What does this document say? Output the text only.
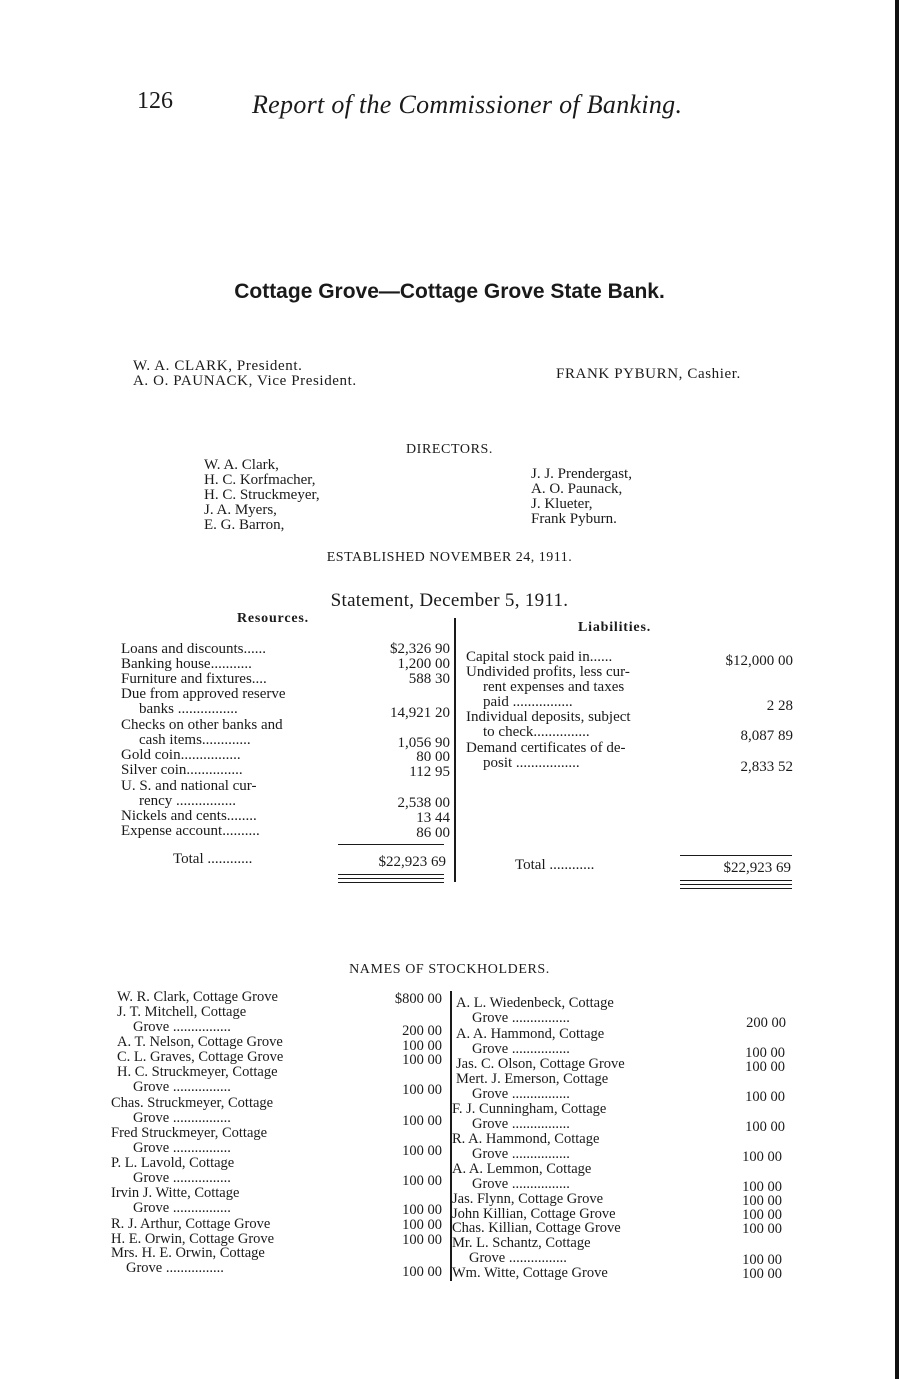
126	Report of the Commissioner of Banking.
Cottage Grove—Cottage Grove State Bank.
W. A. CLARK, President.
A. O. PAUNACK, Vice President.	FRANK PYBURN, Cashier.
DIRECTORS.
W. A. Clark,
H. C. Korfmacher,
H. C. Struckmeyer,
J. A. Myers,
E. G. Barron,
J. J. Prendergast,
A. O. Paunack,
J. Klueter,
Frank Pyburn.
ESTABLISHED NOVEMBER 24, 1911.
Statement, December 5, 1911.
Resources.
Liabilities.
Loans and discounts......	$2,326 90
Banking house...........	1,200 00
Furniture and fixtures....	588 30
Due from approved reserve
banks ................	14,921 20
Checks on other banks and
cash items.............	1,056 90
Gold coin................	80 00
Silver coin...............	112 95
U. S. and national cur-
rency ................	2,538 00
Nickels and cents........	13 44
Expense account..........	86 00
Total ............	$22,923 69
Capital stock paid in......	$12,000 00
Undivided profits, less cur-
rent expenses and taxes
paid ................	2 28
Individual deposits, subject
to check...............	8,087 89
Demand certificates of de-
posit .................	2,833 52
Total ............	$22,923 69
NAMES OF STOCKHOLDERS.
W. R. Clark, Cottage Grove	$800 00
J. T. Mitchell, Cottage
Grove ................	200 00
A. T. Nelson, Cottage Grove	100 00
C. L. Graves, Cottage Grove	100 00
H. C. Struckmeyer, Cottage
Grove ................	100 00
Chas. Struckmeyer, Cottage
Grove ................	100 00
Fred Struckmeyer, Cottage
Grove ................	100 00
P. L. Lavold, Cottage
Grove ................	100 00
Irvin J. Witte, Cottage
Grove ................	100 00
R. J. Arthur, Cottage Grove	100 00
H. E. Orwin, Cottage Grove	100 00
Mrs. H. E. Orwin, Cottage
Grove ................	100 00
A. L. Wiedenbeck, Cottage
Grove ................	200 00
A. A. Hammond, Cottage
Grove ................	100 00
Jas. C. Olson, Cottage Grove	100 00
Mert. J. Emerson, Cottage
Grove ................	100 00
F. J. Cunningham, Cottage
Grove ................	100 00
R. A. Hammond, Cottage
Grove ................	100 00
A. A. Lemmon, Cottage
Grove ................	100 00
Jas. Flynn, Cottage Grove	100 00
John Killian, Cottage Grove	100 00
Chas. Killian, Cottage Grove	100 00
Mr. L. Schantz, Cottage
Grove ................	100 00
Wm. Witte, Cottage Grove	100 00
